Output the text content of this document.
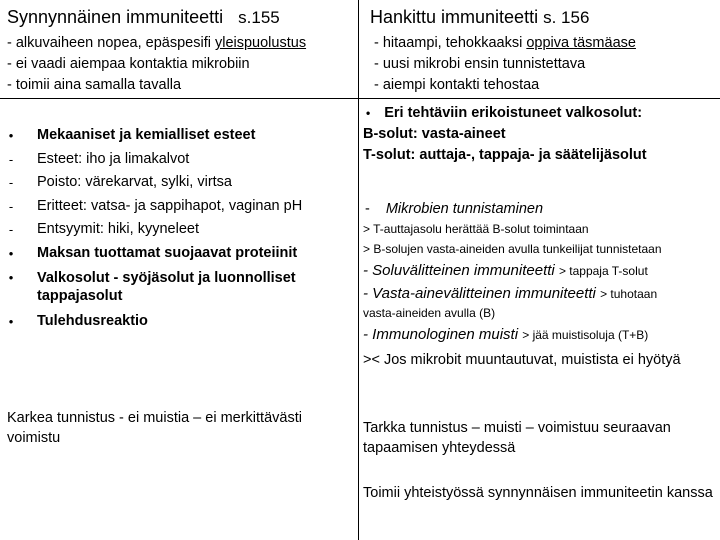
Synnynnäinen immuniteetti s.155
- alkuvaiheen nopea, epäspesifi yleispuolustus
- ei vaadi aiempaa kontaktia mikrobiin
- toimii aina samalla tavalla
• Mekaaniset ja kemialliset esteet
- Esteet: iho ja limakalvot
- Poisto: värekarvat, sylki, virtsa
- Eritteet: vatsa- ja sappihapot, vaginan pH
- Entsyymit: hiki, kyyneleet
• Maksan tuottamat suojaavat proteiinit
• Valkosolut - syöjäsolut ja luonnolliset tappajasolut
• Tulehdusreaktio
Karkea tunnistus - ei muistia – ei merkittävästi voimistu
Hankittu immuniteetti s. 156
- hitaampi, tehokkaaksi oppiva täsmäase
- uusi mikrobi ensin tunnistettava
- aiempi kontakti tehostaa
• Eri tehtäviin erikoistuneet valkosolut:
B-solut: vasta-aineet
T-solut: auttaja-, tappaja- ja säätelijäsolut
- Mikrobien tunnistaminen
> T-auttajasolu herättää B-solut toimintaan
> B-solujen vasta-aineiden avulla tunkeilijat tunnistetaan
- Soluvälitteinen immuniteetti > tappaja T-solut
- Vasta-ainevälitteinen immuniteetti > tuhotaan
vasta-aineiden avulla (B)
- Immunologinen muisti > jää muistisoluja (T+B)
>< Jos mikrobit muuntautuvat, muistista ei hyötyä
Tarkka tunnistus – muisti – voimistuu seuraavan tapaamisen yhteydessä
Toimii yhteistyössä synnynnäisen immuniteetin kanssa
